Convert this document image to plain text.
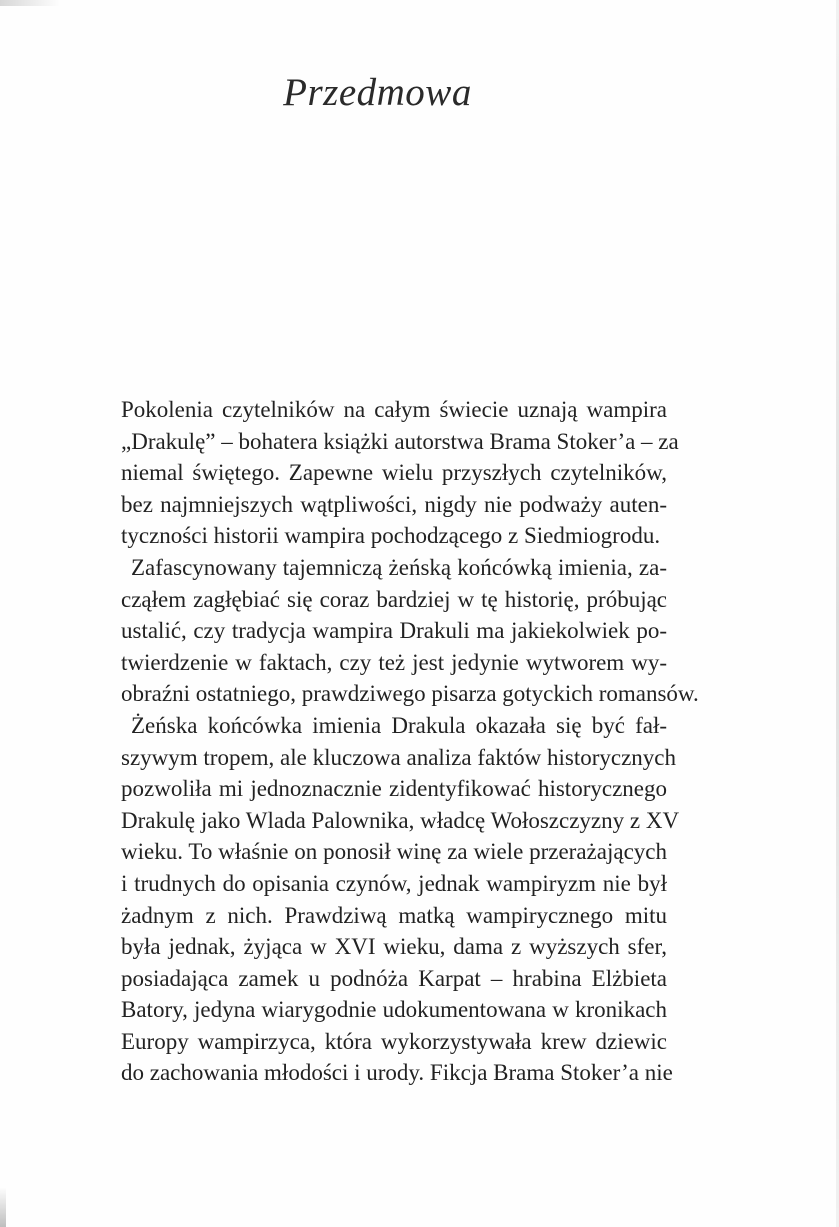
Przedmowa
Pokolenia czytelników na całym świecie uznają wampira
„Drakulę” – bohatera książki autorstwa Brama Stoker’a – za
niemal świętego. Zapewne wielu przyszłych czytelników,
bez najmniejszych wątpliwości, nigdy nie podważy auten-
tyczności historii wampira pochodzącego z Siedmiogrodu.
Zafascynowany tajemniczą żeńską końcówką imienia, za-
cząłem zagłębiać się coraz bardziej w tę historię, próbując
ustalić, czy tradycja wampira Drakuli ma jakiekolwiek po-
twierdzenie w faktach, czy też jest jedynie wytworem wy-
obraźni ostatniego, prawdziwego pisarza gotyckich romansów.
Żeńska końcówka imienia Drakula okazała się być fał-
szywym tropem, ale kluczowa analiza faktów historycznych
pozwoliła mi jednoznacznie zidentyfikować historycznego
Drakulę jako Wlada Palownika, władcę Wołoszczyzny z XV
wieku. To właśnie on ponosił winę za wiele przerażających
i trudnych do opisania czynów, jednak wampiryzm nie był
żadnym z nich. Prawdziwą matką wampirycznego mitu
była jednak, żyjąca w XVI wieku, dama z wyższych sfer,
posiadająca zamek u podnóża Karpat – hrabina Elżbieta
Batory, jedyna wiarygodnie udokumentowana w kronikach
Europy wampirzyca, która wykorzystywała krew dziewic
do zachowania młodości i urody. Fikcja Brama Stoker’a nie
